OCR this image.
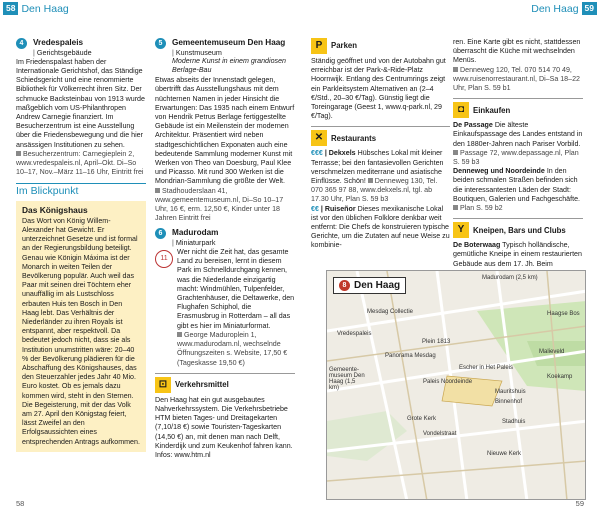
58 Den Haag	Den Haag 59
4	Vredespaleis
| Gerichtsgebäude
Im Friedenspalast haben der Internationale Gerichtshof, das Ständige Schiedsgericht und eine renommierte Bibliothek für Völkerrecht ihren Sitz. Der schmucke Backsteinbau von 1913 wurde maßgeblich vom US-Philanthropen Andrew Carnegie finanziert. Im Besucherzentrum ist eine Ausstellung über die Friedensbewegung und die hier ansässigen Institutionen zu sehen.
Besucherzentrum: Carnegieplein 2, www.vredespaleis.nl, April–Okt. Di–So 10–17, Nov.–März 11–16 Uhr, Eintritt frei
Im Blickpunkt
Das Königshaus
Das Wort von König Willem-Alexander hat Gewicht. Er unterzeichnet Gesetze und ist formal an der Regierungsbildung beteiligt. Genau wie Königin Máxima ist der Monarch in weiten Teilen der Bevölkerung populär. Auch weil das Paar mit seinen drei Töchtern eher unauffällig im als Lustschloss erbauten Huis ten Bosch in Den Haag lebt. Das Verhältnis der Niederländer zu ihren Royals ist entspannt, aber respektvoll. Da bedeutet jedoch nicht, dass sie als Institution unumstritten wäre: 20–40 % der Bevölkerung plädieren für die Abschaffung des Königshauses, das den Steuerzahler jedes Jahr 40 Mio. Euro kostet. Ob es jemals dazu kommen wird, steht in den Sternen. Die Begeisterung, mit der das Volk am 27. April den Königstag feiert, lässt Zweifel an den Erfolgsaussichten eines entsprechenden Antrags aufkommen.
5	Gemeentemuseum Den Haag
| Kunstmuseum
Moderne Kunst in einem grandiosen Berlage-Bau
Etwas abseits der Innenstadt gelegen, übertrifft das Ausstellungshaus mit dem nüchternen Namen in jeder Hinsicht die Erwartungen: Das 1935 nach einem Entwurf von Hendrik Petrus Berlage fertiggestellte Gebäude ist ein Meilenstein der modernen Architektur. Präsentiert wird neben stadtgeschichtlichen Exponaten auch eine bedeutende Sammlung moderner Kunst mit Werken von Theo van Doesburg, Paul Klee und Picasso. Mit rund 300 Werken ist die Mondrian-Sammlung die größte der Welt.
Stadhouderslaan 41, www.gemeentemuseum.nl, Di–So 10–17 Uhr, 16 €, erm. 12,50 €, Kinder unter 18 Jahren Eintritt frei
6	Madurodam
| Miniaturpark
11
Wer nicht die Zeit hat, das gesamte Land zu bereisen, lernt in diesem Park im Schnelldurchgang kennen, was die Niederlande einzigartig macht: Windmühlen, Tulpenfelder, Grachtenhäuser, die Deltawerke, den Flughafen Schiphol, die Erasmusbrug in Rotterdam – all das gibt es hier im Miniaturformat.
George Maduroplein 1, www.madurodam.nl, wechselnde Öffnungszeiten s. Website, 17,50 € (Tageskasse 19,50 €)
⊡	Verkehrsmittel
Den Haag hat ein gut ausgebautes Nahverkehrssystem. Die Verkehrsbetriebe HTM bieten Tages- und Dreitagekarten (7,10/18 €) sowie Touristen-Tageskarten (14,50 €) an, mit denen man nach Delft, Kinderdijk und zum Keukenhof fahren kann. Infos: www.htm.nl
P	Parken
Ständig geöffnet und von der Autobahn gut erreichbar ist der Park-&-Ride-Platz Hoornwijk. Entlang des Centrumrings zeigt ein Parkleitsystem Alternativen an (2–4 €/Std., 20–30 €/Tag). Günstig liegt die Toreingarage (Geest 1, www.q-park.nl, 29 €/Tag).
✕	Restaurants
€€€ | Dekxels Hübsches Lokal mit kleiner Terrasse; bei den fantasievollen Gerichten verschmelzen mediterrane und asiatische Einflüsse. Schön! Denneweg 130, Tel. 070 365 97 88, www.dekxels.nl, tgl. ab 17.30 Uhr, Plan S. 59 b3
€€ | Ruiseñor Dieses mexikanische Lokal ist vor den üblichen Folklore denkbar weit entfernt: Die Chefs de konstruieren typische Gerichte, um die Zutaten auf neue Weise zu kombinie-
ren. Eine Karte gibt es nicht, stattdessen überrascht die Küche mit wechselnden Menüs.
Denneweg 120, Tel. 070 514 70 49, www.ruisenorrestaurant.nl, Di–Sa 18–22 Uhr, Plan S. 59 b1
◘	Einkaufen
De Passage Die älteste Einkaufspassage des Landes entstand in den 1880er-Jahren nach Pariser Vorbild. Passage 72, www.depassage.nl, Plan S. 59 b3
Denneweg und Noordeinde In den beiden schmalen Straßen befinden sich die interessantesten Läden der Stadt: Boutiquen, Galerien und Fachgeschäfte. Plan S. 59 b2
Y	Kneipen, Bars und Clubs
De Boterwaag Typisch holländische, gemütliche Kneipe in einem restaurierten Gebäude aus dem 17. Jh. Beim
8 Den Haag
Madurodam (2,5 km)
Mesdag Collectie
Vredespaleis
Panorama Mesdag
Paleis Noordeinde
Escher in Het Paleis
Mauritshuis
Binnenhof
Haagse Bos
Malieveld
Koekamp
Grote Kerk	Stadhuis
Nieuwe Kerk
Vondelstraat
Gemeente-museum Den Haag (1,5 km)
Plein 1813
58	59
